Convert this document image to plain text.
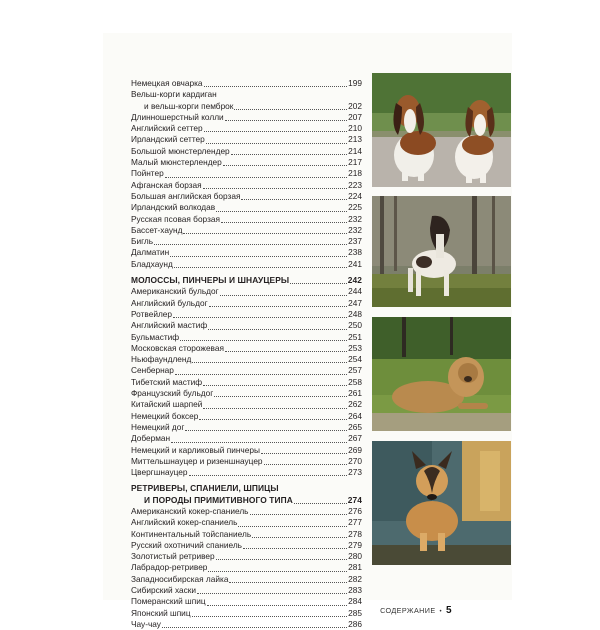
Немецкая овчарка	199
Вельш-корги кардиган
и вельш-корги пемброк	202
Длинношерстный колли	207
Английский сеттер	210
Ирландский сеттер	213
Большой мюнстерлендер	214
Малый мюнстерлендер	217
Пойнтер	218
Афганская борзая	223
Большая английская борзая	224
Ирландский волкодав	225
Русская псовая борзая	232
Бассет-хаунд	232
Бигль	237
Далматин	238
Бладхаунд	241
МОЛОССЫ, ПИНЧЕРЫ И ШНАУЦЕРЫ	242
Американский бульдог	244
Английский бульдог	247
Ротвейлер	248
Английский мастиф	250
Бульмастиф	251
Московская сторожевая	253
Ньюфаундленд	254
Сенбернар	257
Тибетский мастиф	258
Французский бульдог	261
Китайский шарпей	262
Немецкий боксер	264
Немецкий дог	265
Доберман	267
Немецкий и карликовый пинчеры	269
Миттельшнауцер и ризеншнауцер	270
Цвергшнауцер	273
РЕТРИВЕРЫ, СПАНИЕЛИ, ШПИЦЫ
И ПОРОДЫ ПРИМИТИВНОГО ТИПА	274
Американский кокер-спаниель	276
Английский кокер-спаниель	277
Континентальный тойспаниель	278
Русский охотничий спаниель	279
Золотистый ретривер	280
Лабрадор-ретривер	281
Западносибирская лайка	282
Сибирский хаски	283
Померанский шпиц	284
Японский шпиц	285
Чау-чау	286
СОДЕРЖАНИЕ • 5
